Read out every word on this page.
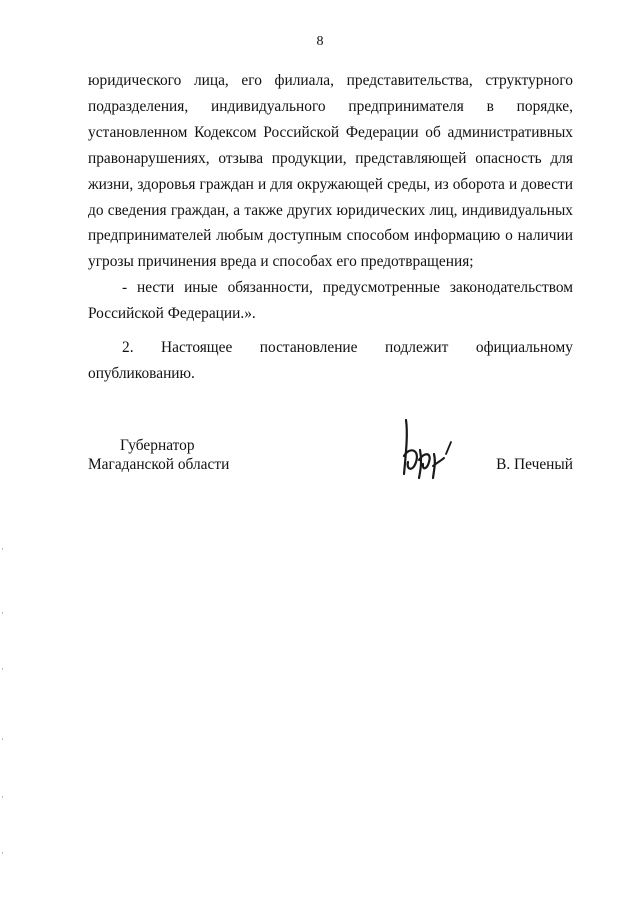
8
юридического лица, его филиала, представительства, структурного
подразделения, индивидуального предпринимателя в порядке,
установленном Кодексом Российской Федерации об административных
правонарушениях, отзыва продукции, представляющей опасность для
жизни, здоровья граждан и для окружающей среды, из оборота и довести
до сведения граждан, а также других юридических лиц, индивидуальных
предпринимателей любым доступным способом информацию о наличии
угрозы причинения вреда и способах его предотвращения;
- нести иные обязанности, предусмотренные законодательством
Российской Федерации.».
2. Настоящее постановление подлежит официальному
опубликованию.
Губернатор
Магаданской области	В. Печеный
